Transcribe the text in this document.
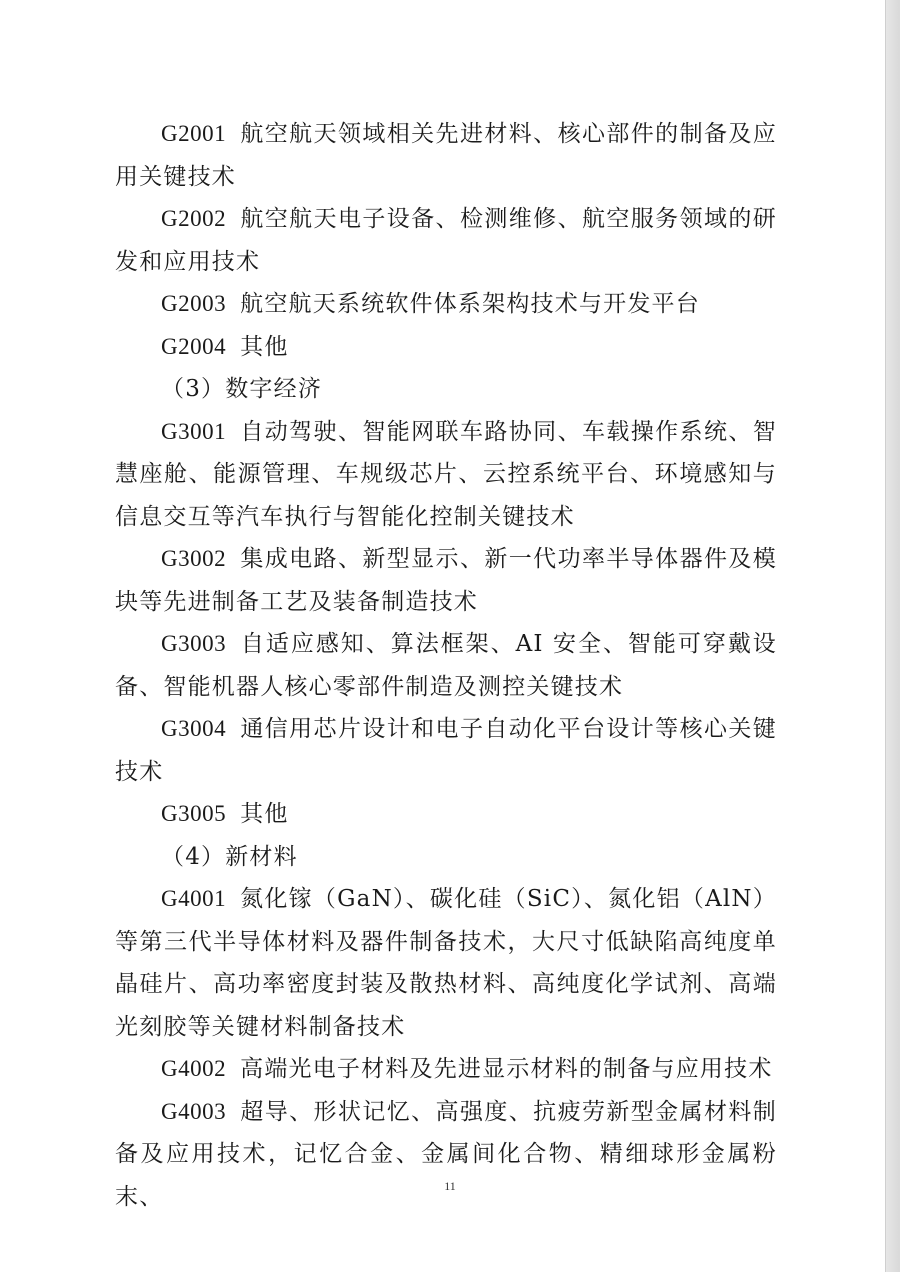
G2001 航空航天领域相关先进材料、核心部件的制备及应用关键技术

G2002 航空航天电子设备、检测维修、航空服务领域的研发和应用技术

G2003 航空航天系统软件体系架构技术与开发平台

G2004 其他

（3）数字经济

G3001 自动驾驶、智能网联车路协同、车载操作系统、智慧座舱、能源管理、车规级芯片、云控系统平台、环境感知与信息交互等汽车执行与智能化控制关键技术

G3002 集成电路、新型显示、新一代功率半导体器件及模块等先进制备工艺及装备制造技术

G3003 自适应感知、算法框架、AI 安全、智能可穿戴设备、智能机器人核心零部件制造及测控关键技术

G3004 通信用芯片设计和电子自动化平台设计等核心关键技术

G3005 其他

（4）新材料

G4001 氮化镓（GaN）、碳化硅（SiC）、氮化铝（AlN）等第三代半导体材料及器件制备技术，大尺寸低缺陷高纯度单晶硅片、高功率密度封装及散热材料、高纯度化学试剂、高端光刻胶等关键材料制备技术

G4002 高端光电子材料及先进显示材料的制备与应用技术

G4003 超导、形状记忆、高强度、抗疲劳新型金属材料制备及应用技术，记忆合金、金属间化合物、精细球形金属粉末、	11
